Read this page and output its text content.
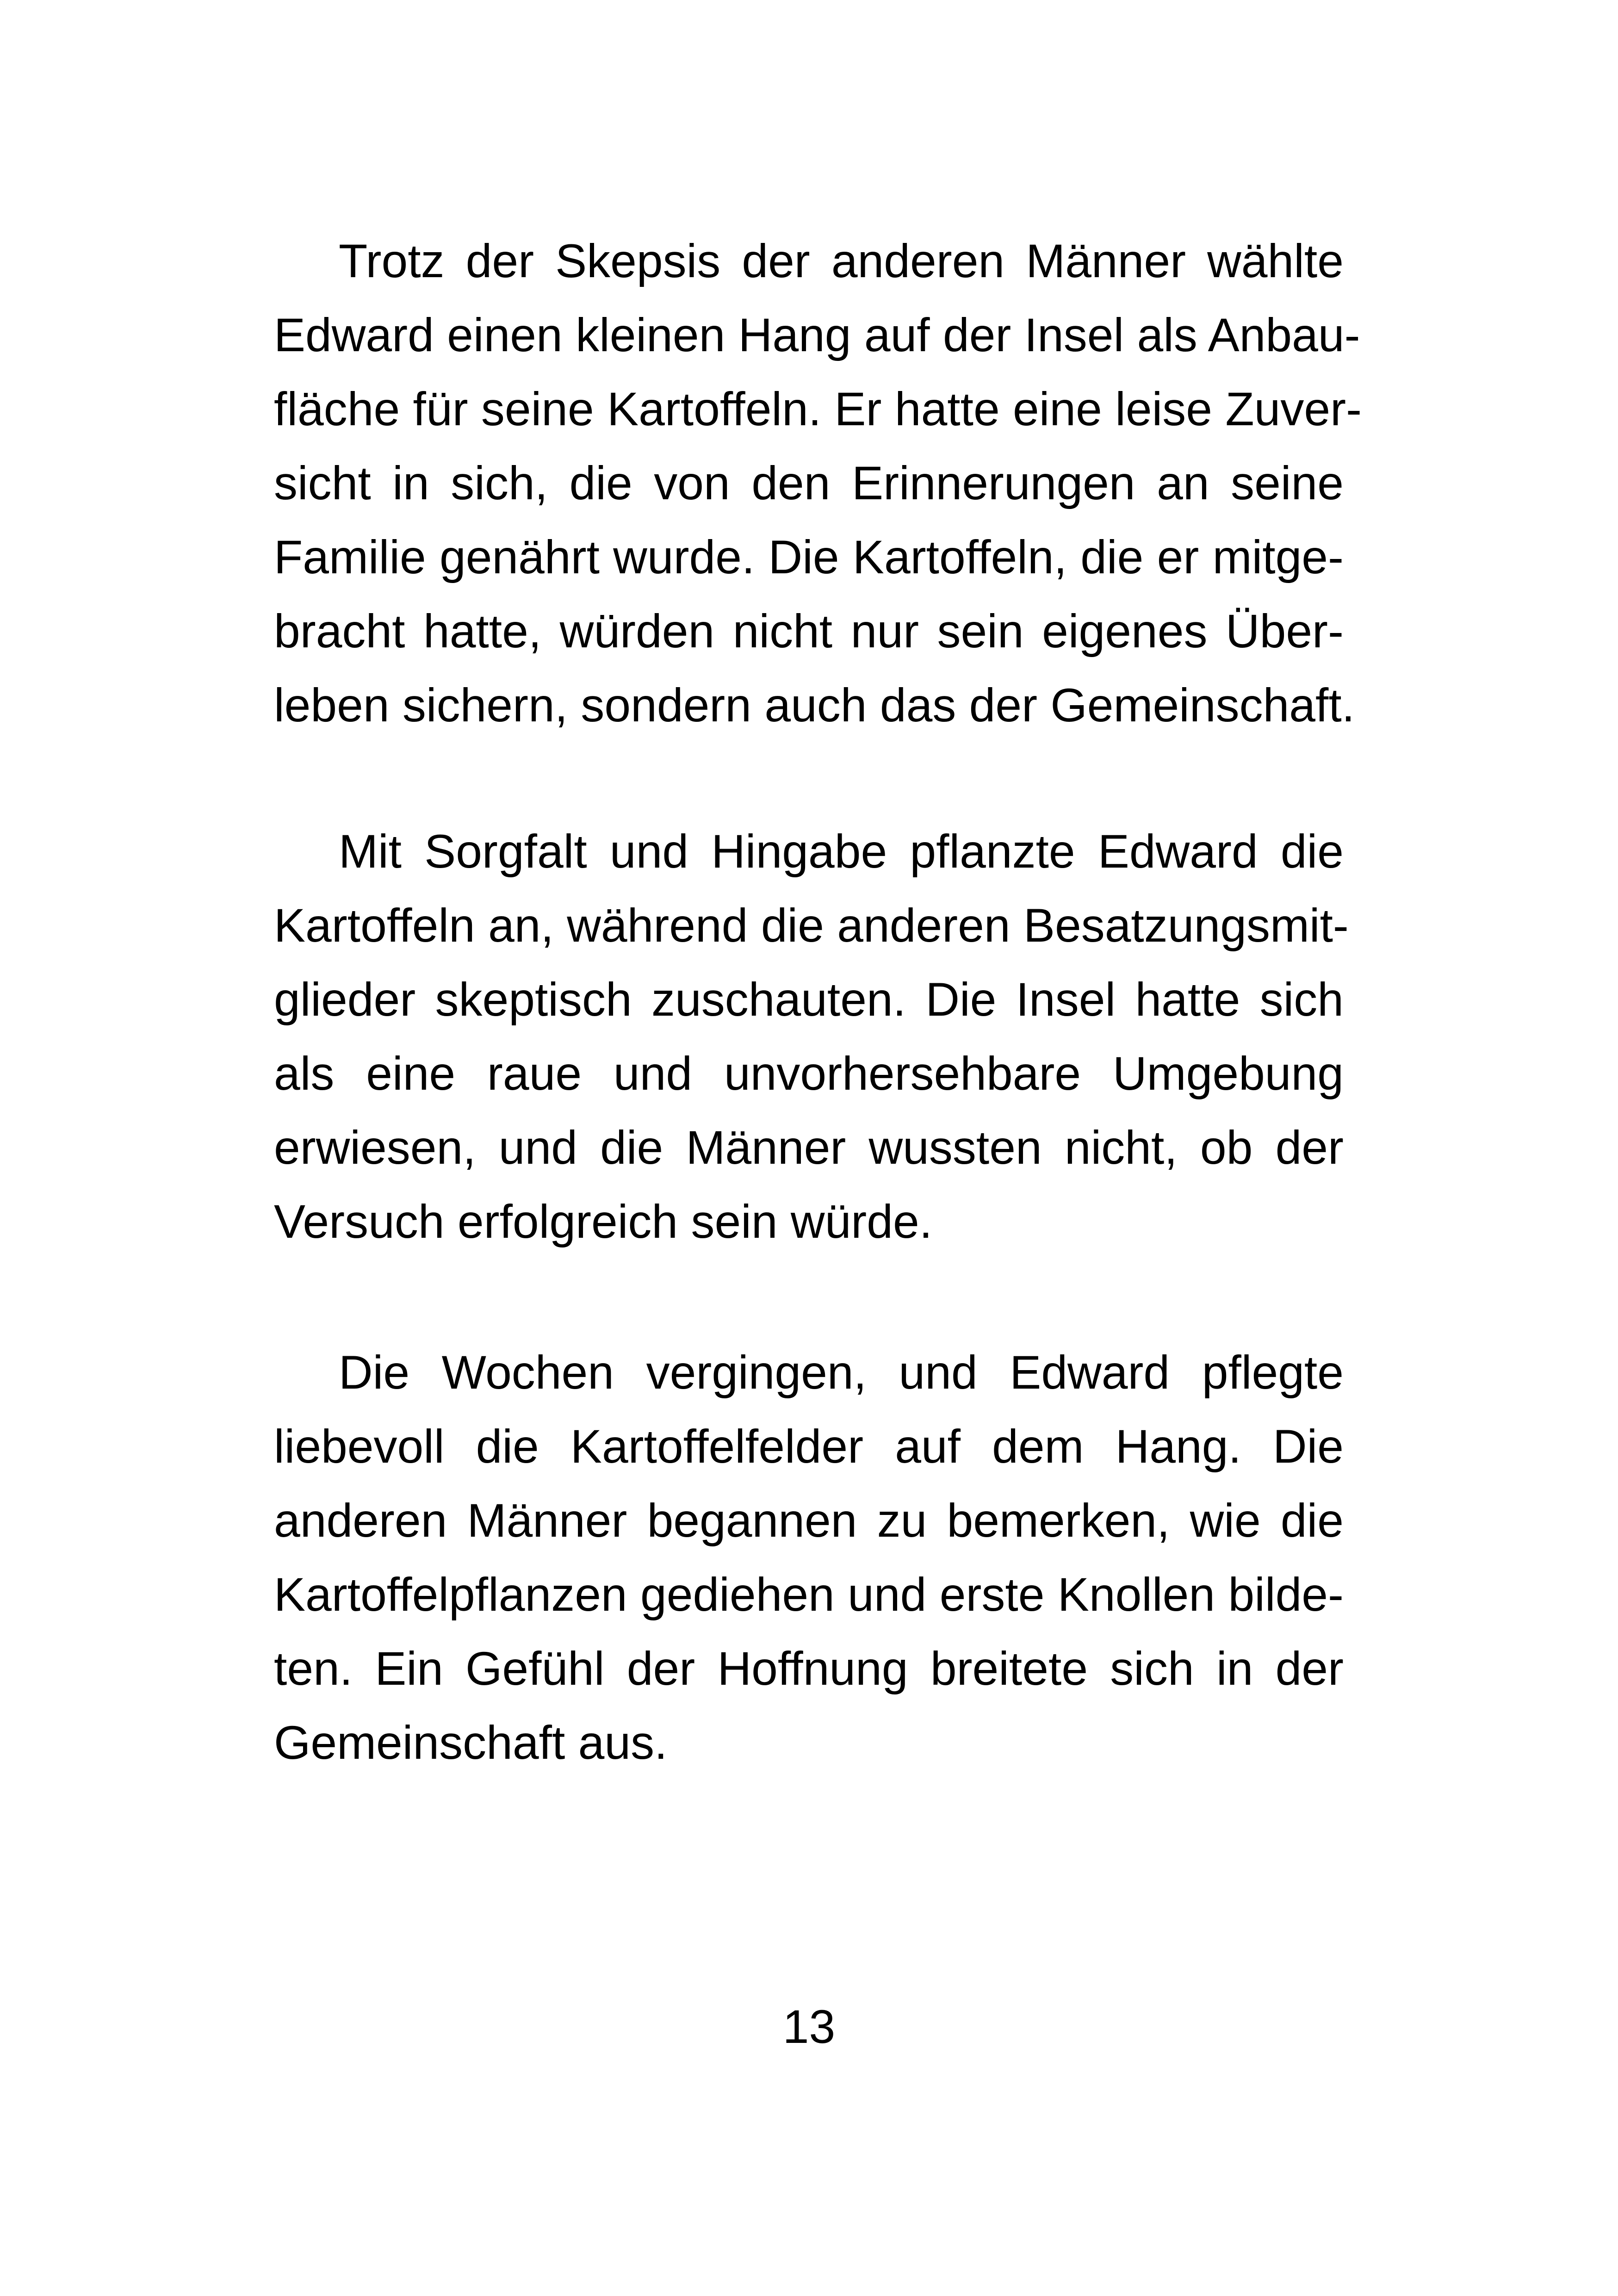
Trotz der Skepsis der anderen Männer wählte
Edward einen kleinen Hang auf der Insel als Anbau-
fläche für seine Kartoffeln. Er hatte eine leise Zuver-
sicht in sich, die von den Erinnerungen an seine
Familie genährt wurde. Die Kartoffeln, die er mitge-
bracht hatte, würden nicht nur sein eigenes Über-
leben sichern, sondern auch das der Gemeinschaft.
Mit Sorgfalt und Hingabe pflanzte Edward die
Kartoffeln an, während die anderen Besatzungsmit-
glieder skeptisch zuschauten. Die Insel hatte sich
als eine raue und unvorhersehbare Umgebung
erwiesen, und die Männer wussten nicht, ob der
Versuch erfolgreich sein würde.
Die Wochen vergingen, und Edward pflegte
liebevoll die Kartoffelfelder auf dem Hang. Die
anderen Männer begannen zu bemerken, wie die
Kartoffelpflanzen gediehen und erste Knollen bilde-
ten. Ein Gefühl der Hoffnung breitete sich in der
Gemeinschaft aus.
13
